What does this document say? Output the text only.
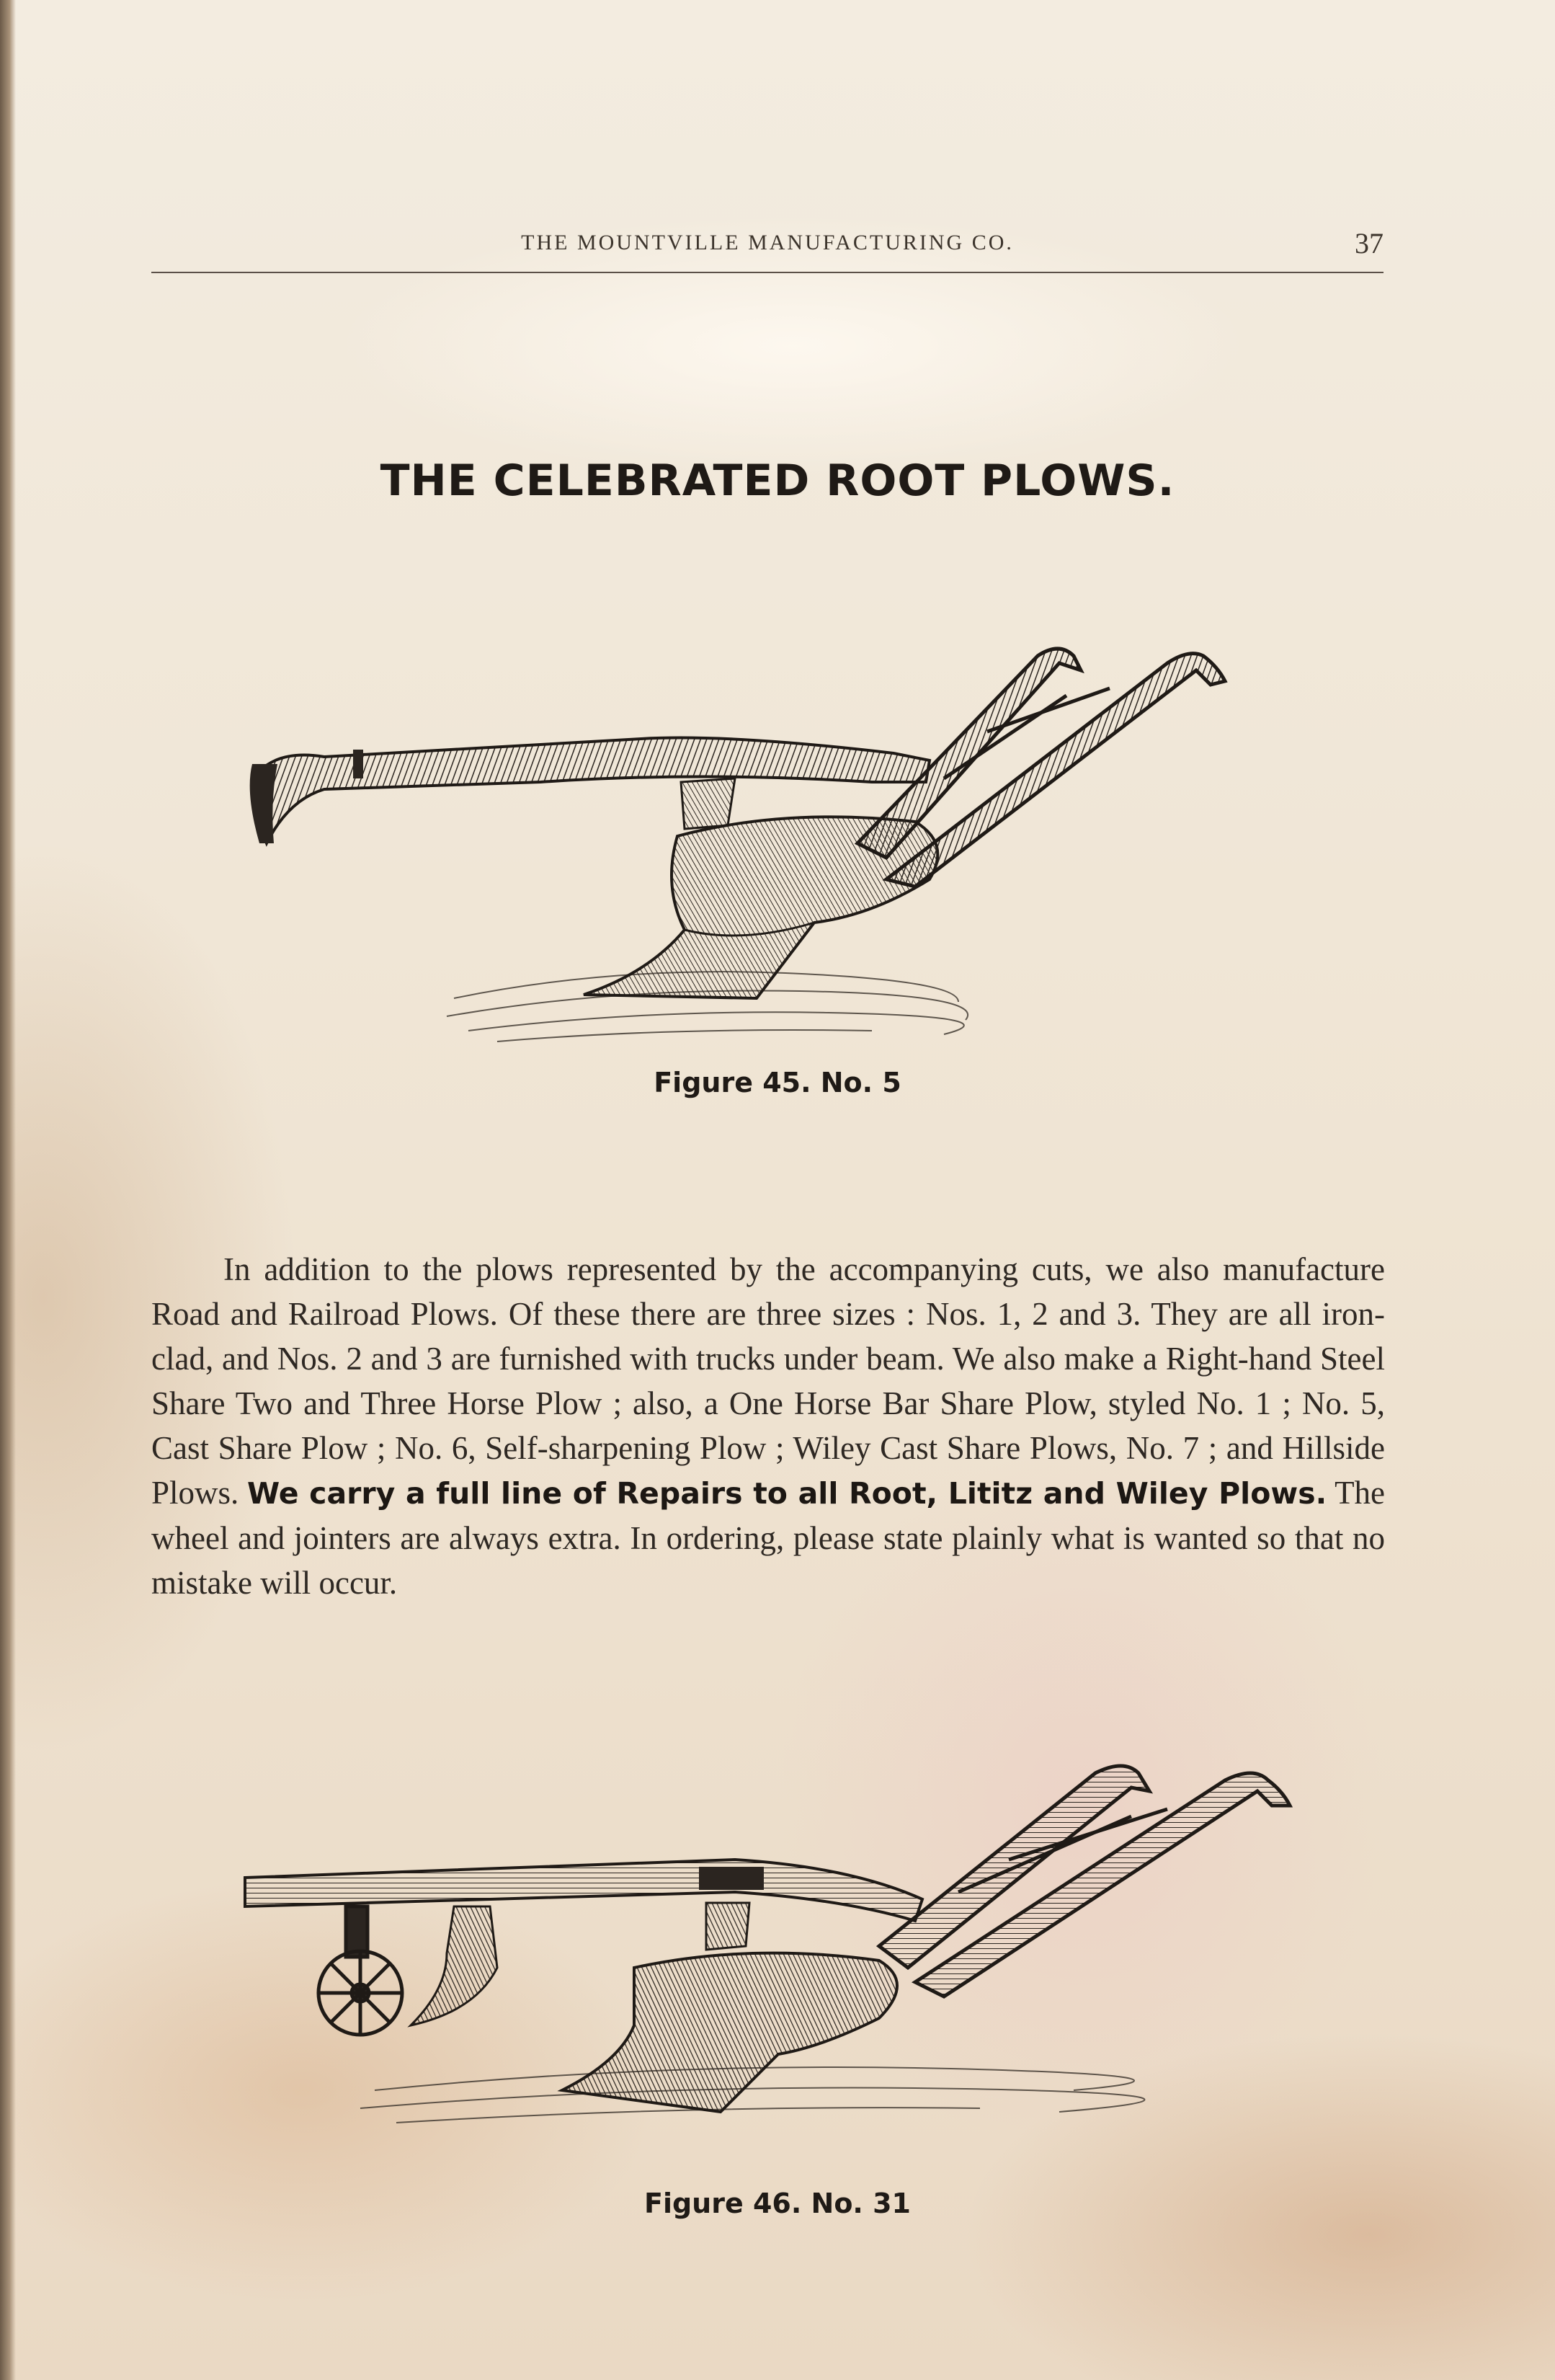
THE MOUNTVILLE MANUFACTURING CO.	37
THE CELEBRATED ROOT PLOWS.
Figure 45. No. 5
In addition to the plows represented by the accompanying cuts, we also manufacture Road and Railroad Plows. Of these there are three sizes : Nos. 1, 2 and 3. They are all iron-clad, and Nos. 2 and 3 are furnished with trucks under beam. We also make a Right-hand Steel Share Two and Three Horse Plow ; also, a One Horse Bar Share Plow, styled No. 1 ; No. 5, Cast Share Plow ; No. 6, Self-sharpening Plow ; Wiley Cast Share Plows, No. 7 ; and Hillside Plows. We carry a full line of Repairs to all Root, Lititz and Wiley Plows. The wheel and jointers are always extra. In ordering, please state plainly what is wanted so that no mistake will occur.
Figure 46. No. 31
